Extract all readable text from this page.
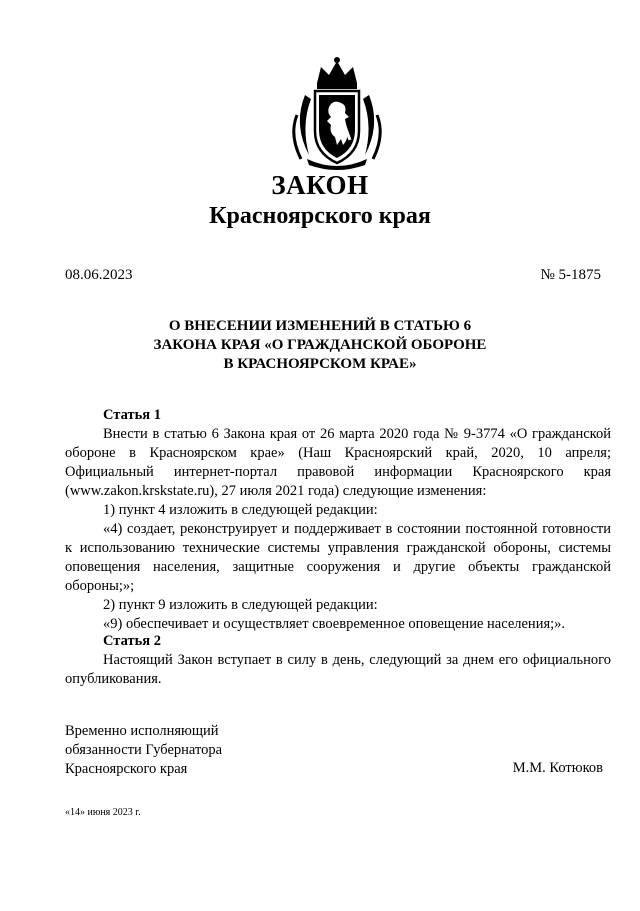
ЗАКОН
Красноярского края
08.06.2023	№ 5-1875
О ВНЕСЕНИИ ИЗМЕНЕНИЙ В СТАТЬЮ 6
ЗАКОНА КРАЯ «О ГРАЖДАНСКОЙ ОБОРОНЕ
В КРАСНОЯРСКОМ КРАЕ»

Статья 1

Внести в статью 6 Закона края от 26 марта 2020 года № 9-3774 «О гражданской обороне в Красноярском крае» (Наш Красноярский край, 2020, 10 апреля; Официальный интернет-портал правовой информации Красноярского края (www.zakon.krskstate.ru), 27 июля 2021 года) следующие изменения:

1) пункт 4 изложить в следующей редакции:

«4) создает, реконструирует и поддерживает в состоянии постоянной готовности к использованию технические системы управления гражданской обороны, системы оповещения населения, защитные сооружения и другие объекты гражданской обороны;»;

2) пункт 9 изложить в следующей редакции:

«9) обеспечивает и осуществляет своевременное оповещение населения;».

Статья 2

Настоящий Закон вступает в силу в день, следующий за днем его официального опубликования.

Временно исполняющий
обязанности Губернатора
Красноярского края	М.М. Котюков
«14» июня 2023 г.
